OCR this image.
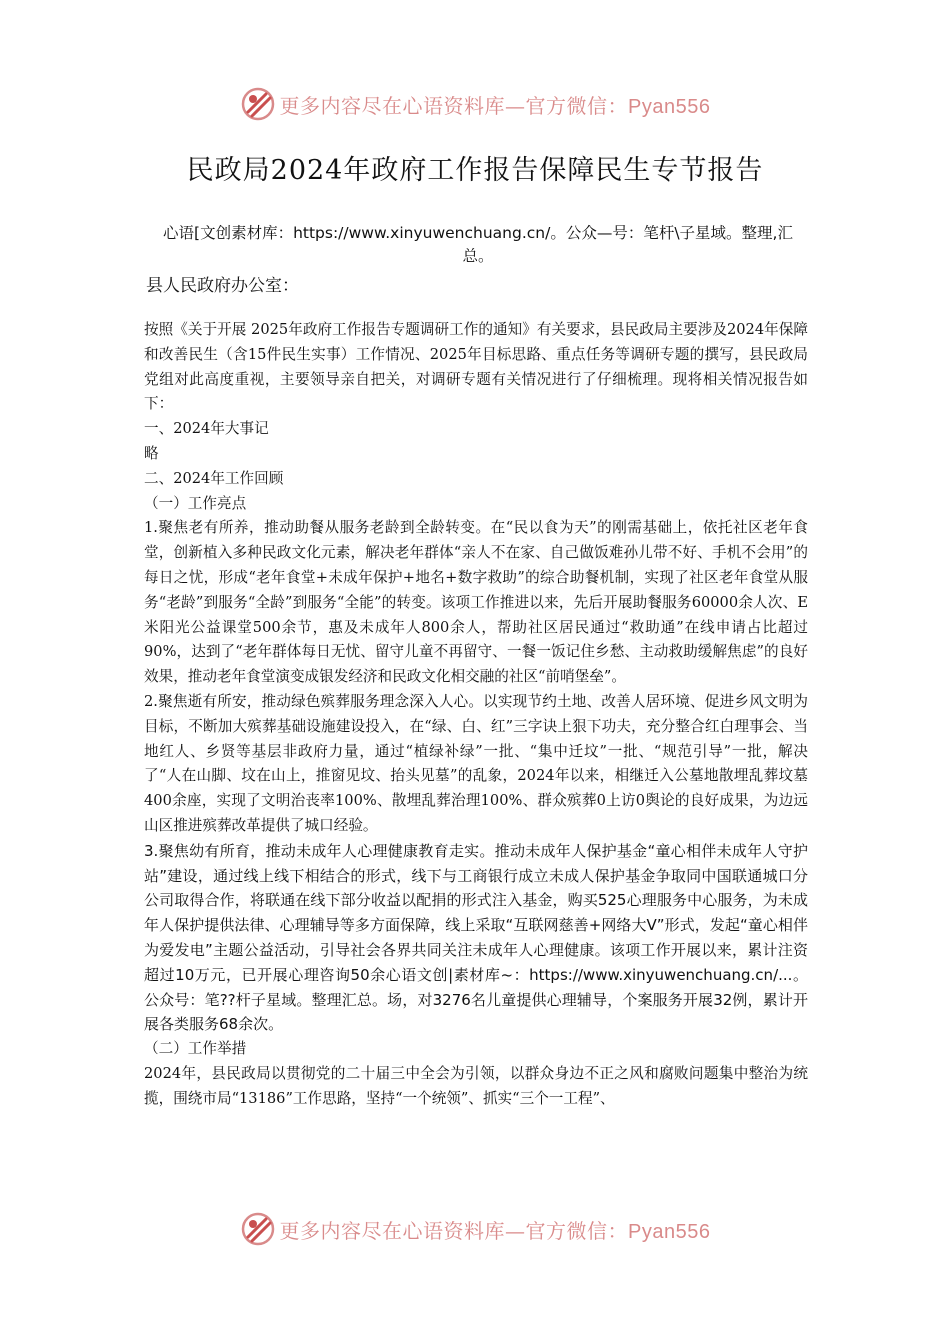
更多内容尽在心语资料库—官方微信：Pyan556
民政局2024年政府工作报告保障民生专节报告
心语[文创素材库：https://www.xinyuwenchuang.cn/。公众—号：笔杆\子星域。整理,汇总。
县人民政府办公室：

按照《关于开展 2025年政府工作报告专题调研工作的通知》有关要求，县民政局主要涉及2024年保障和改善民生（含15件民生实事）工作情况、2025年目标思路、重点任务等调研专题的撰写，县民政局党组对此高度重视，主要领导亲自把关，对调研专题有关情况进行了仔细梳理。现将相关情况报告如下：

一、2024年大事记

略

二、2024年工作回顾

（一）工作亮点

1.聚焦老有所养，推动助餐从服务老龄到全龄转变。在“民以食为天”的刚需基础上，依托社区老年食堂，创新植入多种民政文化元素，解决老年群体“亲人不在家、自己做饭难孙儿带不好、手机不会用”的每日之忧，形成“老年食堂+未成年保护+地名+数字救助”的综合助餐机制，实现了社区老年食堂从服务“老龄”到服务“全龄”到服务“全能”的转变。该项工作推进以来，先后开展助餐服务60000余人次、E米阳光公益课堂500余节，惠及未成年人800余人，帮助社区居民通过“救助通”在线申请占比超过90%，达到了“老年群体每日无忧、留守儿童不再留守、一餐一饭记住乡愁、主动救助缓解焦虑”的良好效果，推动老年食堂演变成银发经济和民政文化相交融的社区“前哨堡垒”。

2.聚焦逝有所安，推动绿色殡葬服务理念深入人心。以实现节约土地、改善人居环境、促进乡风文明为目标，不断加大殡葬基础设施建设投入，在“绿、白、红”三字诀上狠下功夫，充分整合红白理事会、当地红人、乡贤等基层非政府力量，通过“植绿补绿”一批、“集中迁坟”一批、“规范引导”一批，解决了“人在山脚、坟在山上，推窗见坟、抬头见墓”的乱象，2024年以来，相继迁入公墓地散埋乱葬坟墓400余座，实现了文明治丧率100%、散埋乱葬治理100%、群众殡葬0上访0舆论的良好成果，为边远山区推进殡葬改革提供了城口经验。

3.聚焦幼有所育，推动未成年人心理健康教育走实。推动未成年人保护基金“童心相伴未成年人守护站”建设，通过线上线下相结合的形式，线下与工商银行成立未成人保护基金争取同中国联通城口分公司取得合作，将联通在线下部分收益以配捐的形式注入基金，购买525心理服务中心服务，为未成年人保护提供法律、心理辅导等多方面保障，线上采取“互联网慈善+网络大V”形式，发起“童心相伴为爱发电”主题公益活动，引导社会各界共同关注未成年人心理健康。该项工作开展以来，累计注资超过10万元，已开展心理咨询50余心语文创|素材库~：https://www.xinyuwenchuang.cn/...。公众号：笔??杆子星域。整理汇总。场，对3276名儿童提供心理辅导，个案服务开展32例，累计开展各类服务68余次。

（二）工作举措

2024年，县民政局以贯彻党的二十届三中全会为引领，以群众身边不正之风和腐败问题集中整治为统揽，围绕市局“13186”工作思路，坚持“一个统领”、抓实“三个一工程”、

更多内容尽在心语资料库—官方微信：Pyan556
